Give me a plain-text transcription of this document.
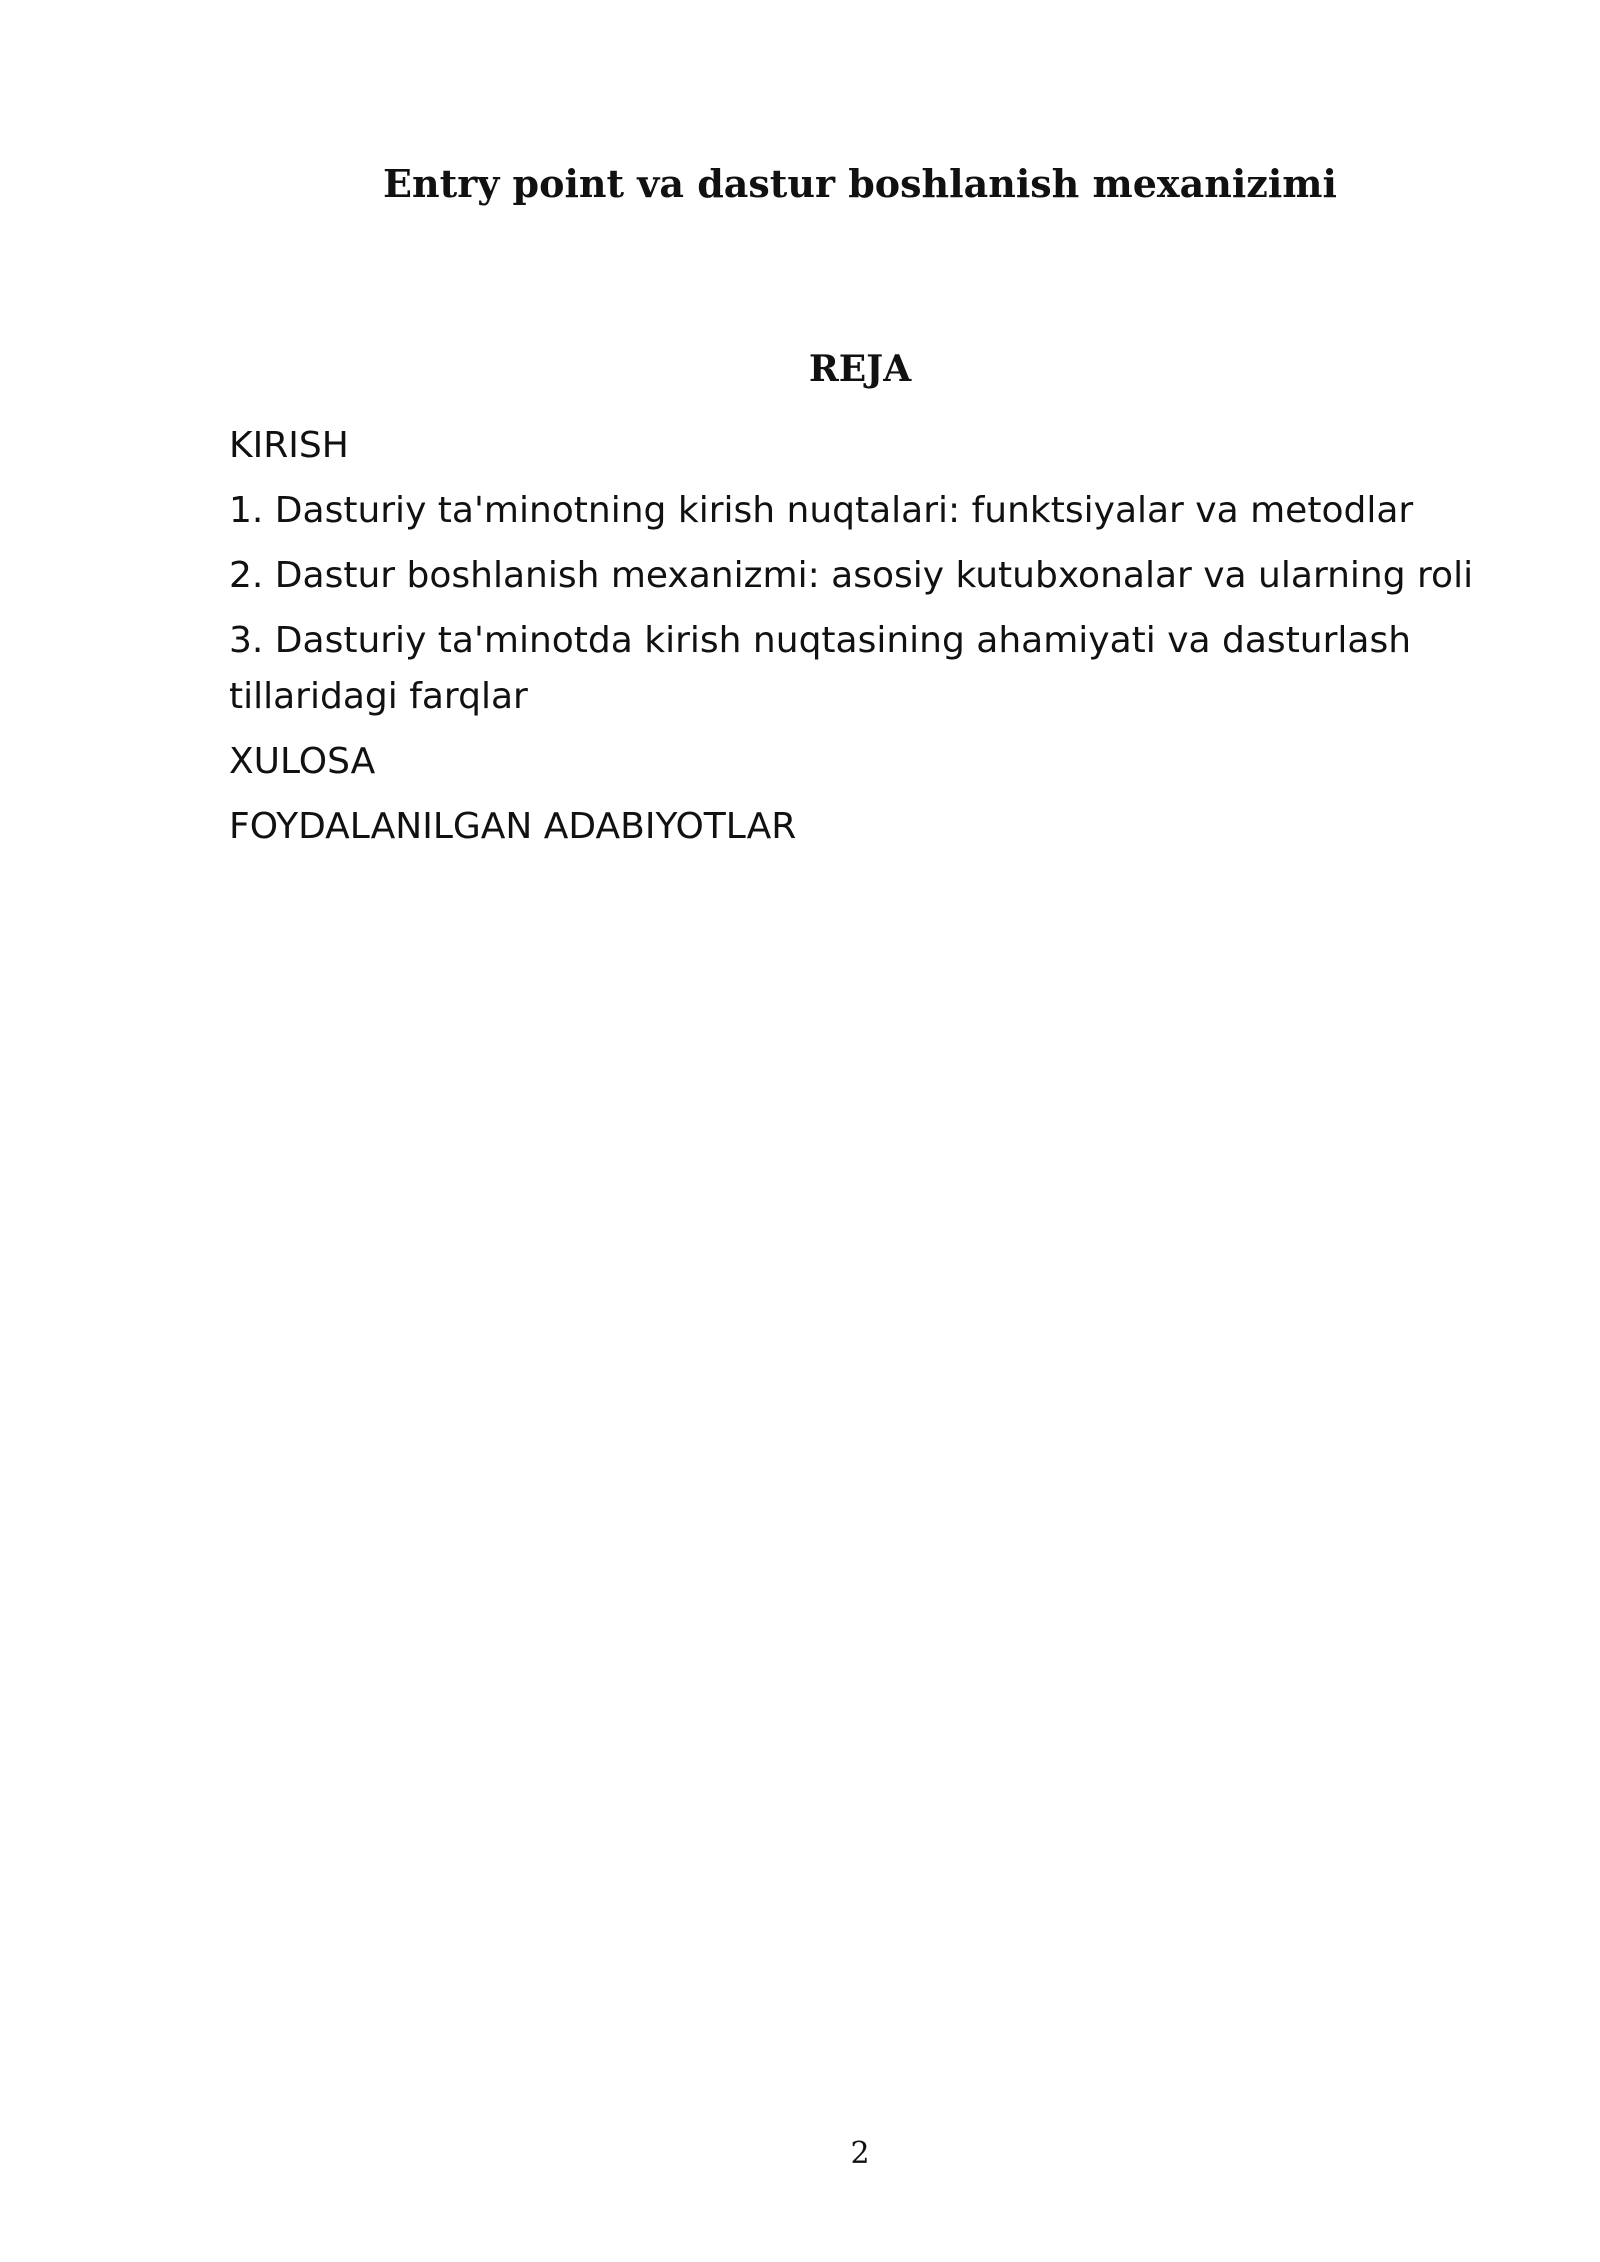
Entry point va dastur boshlanish mexanizimi
REJA
KIRISH
1. Dasturiy ta'minotning kirish nuqtalari: funktsiyalar va metodlar
2. Dastur boshlanish mexanizmi: asosiy kutubxonalar va ularning roli
3. Dasturiy ta'minotda kirish nuqtasining ahamiyati va dasturlash tillaridagi farqlar
XULOSA
FOYDALANILGAN ADABIYOTLAR
2
